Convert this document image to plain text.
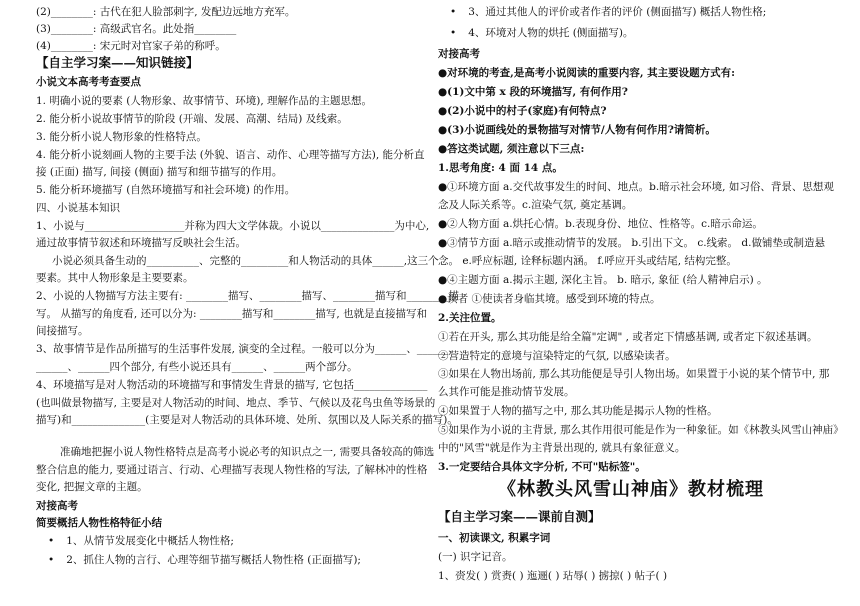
(2)________: 古代在犯人脸部刺字, 发配边远地方充军。
(3)________: 高级武官名。此处指________
(4)________: 宋元时对官家子弟的称呼。
【自主学习案——知识链接】
小说文本高考考查要点
1. 明确小说的要素 (人物形象、故事情节、环境), 理解作品的主题思想。
2. 能分析小说故事情节的阶段 (开端、发展、高潮、结局) 及线索。
3. 能分析小说人物形象的性格特点。
4. 能分析小说刻画人物的主要手法 (外貌、语言、动作、心理等描写方法), 能分析直
接 (正面) 描写, 间接 (侧面) 描写和细节描写的作用。
5. 能分析环境描写 (自然环境描写和社会环境) 的作用。
四、小说基本知识
1、小说与___________________并称为四大文学体裁。小说以______________为中心,
通过故事情节叙述和环境描写反映社会生活。
小说必须具备生动的__________、完整的_________和人物活动的具体______,这三个
要素。其中人物形象是主要要素。
2、小说的人物描写方法主要有: ________描写、________描写、________描写和________描
写。 从描写的角度看, 还可以分为: ________描写和________描写, 也就是直接描写和
间接描写。
3、故事情节是作品所描写的生活事件发展, 演变的全过程。一般可以分为______、______、
______、______四个部分, 有些小说还具有______、______两个部分。
4、环境描写是对人物活动的环境描写和事情发生背景的描写, 它包括______________
(也叫做景物描写, 主要是对人物活动的时间、地点、季节、气候以及花鸟虫鱼等场景的
描写)和______________(主要是对人物活动的具体环境、处所、氛围以及人际关系的描写)。
准确地把握小说人物性格特点是高考小说必考的知识点之一, 需要具备较高的筛选
整合信息的能力, 要通过语言、行动、心理描写表现人物性格的写法, 了解林冲的性格
变化, 把握文章的主题。
对接高考
简要概括人物性格特征小结
• 1、从情节发展变化中概括人物性格;
• 2、抓住人物的言行、心理等细节描写概括人物性格 (正面描写);
• 3、通过其他人的评价或者作者的评价 (侧面描写) 概括人物性格;
• 4、环境对人物的烘托 (侧面描写)。
对接高考
●对环境的考查,是高考小说阅读的重要内容, 其主要设题方式有:
●(1)文中第 x 段的环境描写, 有何作用?
●(2)小说中的村子(家庭)有何特点?
●(3)小说画线处的景物描写对情节/人物有何作用?请简析。
●答这类试题, 须注意以下三点:
1.思考角度: 4 面 14 点。
●①环境方面 a.交代故事发生的时间、地点。b.暗示社会环境, 如习俗、背景、思想观
念及人际关系等。c.渲染气氛, 奠定基调。
●②人物方面 a.烘托心情。b.表现身份、地位、性格等。c.暗示命运。
●③情节方面 a.暗示或推动情节的发展。 b.引出下文。 c.线索。 d.做铺垫或制造悬
念。 e.呼应标题, 诠释标题内涵。 f.呼应开头或结尾, 结构完整。
●④主题方面 a.揭示主题, 深化主旨。 b. 暗示, 象征 (给人精神启示) 。
●读者 ①使读者身临其境。感受到环境的特点。
2.关注位置。
①若在开头, 那么其功能是给全篇"定调" , 或者定下情感基调, 或者定下叙述基调。
②营造特定的意境与渲染特定的气氛, 以感染读者。
③如果在人物出场前, 那么其功能便是导引人物出场。如果置于小说的某个情节中, 那
么其作可能是推动情节发展。
④如果置于人物的描写之中, 那么其功能是揭示人物的性格。
⑤如果作为小说的主背景, 那么其作用很可能是作为一种象征。如《林教头风雪山神庙》
中的"风雪"就是作为主背景出现的, 就具有象征意义。
3.一定要结合具体文字分析, 不可"贴标签"。
《林教头风雪山神庙》教材梳理
【自主学习案——课前自测】
一、初读课文, 积累字词
(一) 识字记音。
1、赍发( ) 赏赉( ) 迤逦( ) 玷辱( ) 掳掠( ) 帖子( )
